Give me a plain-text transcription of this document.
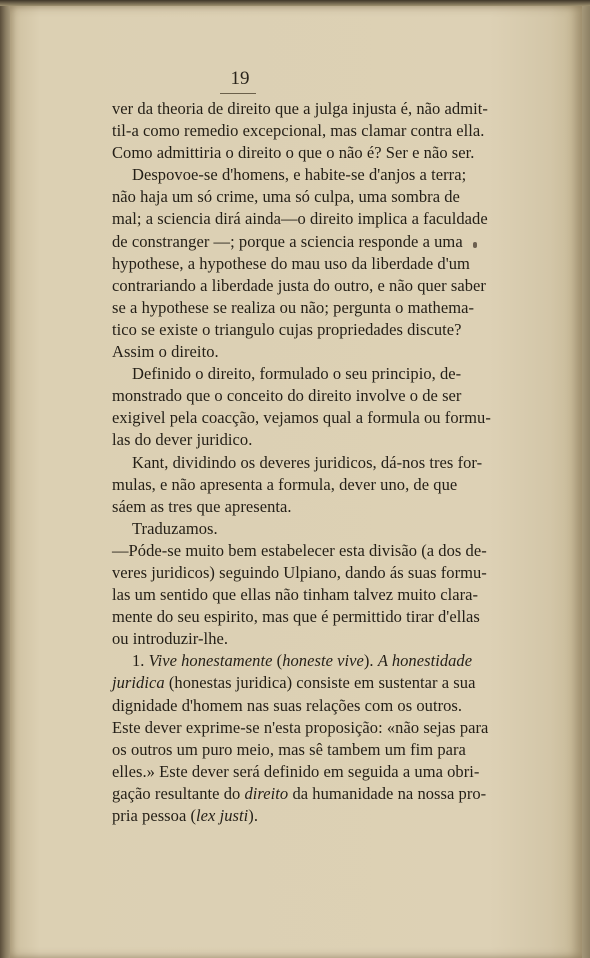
19
ver da theoria de direito que a julga injusta é, não admit-
til-a como remedio excepcional, mas clamar contra ella.
Como admittiria o direito o que o não é? Ser e não ser.
Despovoe-se d'homens, e habite-se d'anjos a terra;
não haja um só crime, uma só culpa, uma sombra de
mal; a sciencia dirá ainda—o direito implica a faculdade
de constranger —; porque a sciencia responde a uma
hypothese, a hypothese do mau uso da liberdade d'um
contrariando a liberdade justa do outro, e não quer saber
se a hypothese se realiza ou não; pergunta o mathema-
tico se existe o triangulo cujas propriedades discute?
Assim o direito.
Definido o direito, formulado o seu principio, de-
monstrado que o conceito do direito involve o de ser
exigivel pela coacção, vejamos qual a formula ou formu-
las do dever juridico.
Kant, dividindo os deveres juridicos, dá-nos tres for-
mulas, e não apresenta a formula, dever uno, de que
sáem as tres que apresenta.
Traduzamos.
—Póde-se muito bem estabelecer esta divisão (a dos de-
veres juridicos) seguindo Ulpiano, dando ás suas formu-
las um sentido que ellas não tinham talvez muito clara-
mente do seu espirito, mas que é permittido tirar d'ellas
ou introduzir-lhe.
1. Vive honestamente (honeste vive). A honestidade
juridica (honestas juridica) consiste em sustentar a sua
dignidade d'homem nas suas relações com os outros.
Este dever exprime-se n'esta proposição: «não sejas para
os outros um puro meio, mas sê tambem um fim para
elles.» Este dever será definido em seguida a uma obri-
gação resultante do direito da humanidade na nossa pro-
pria pessoa (lex justi).
